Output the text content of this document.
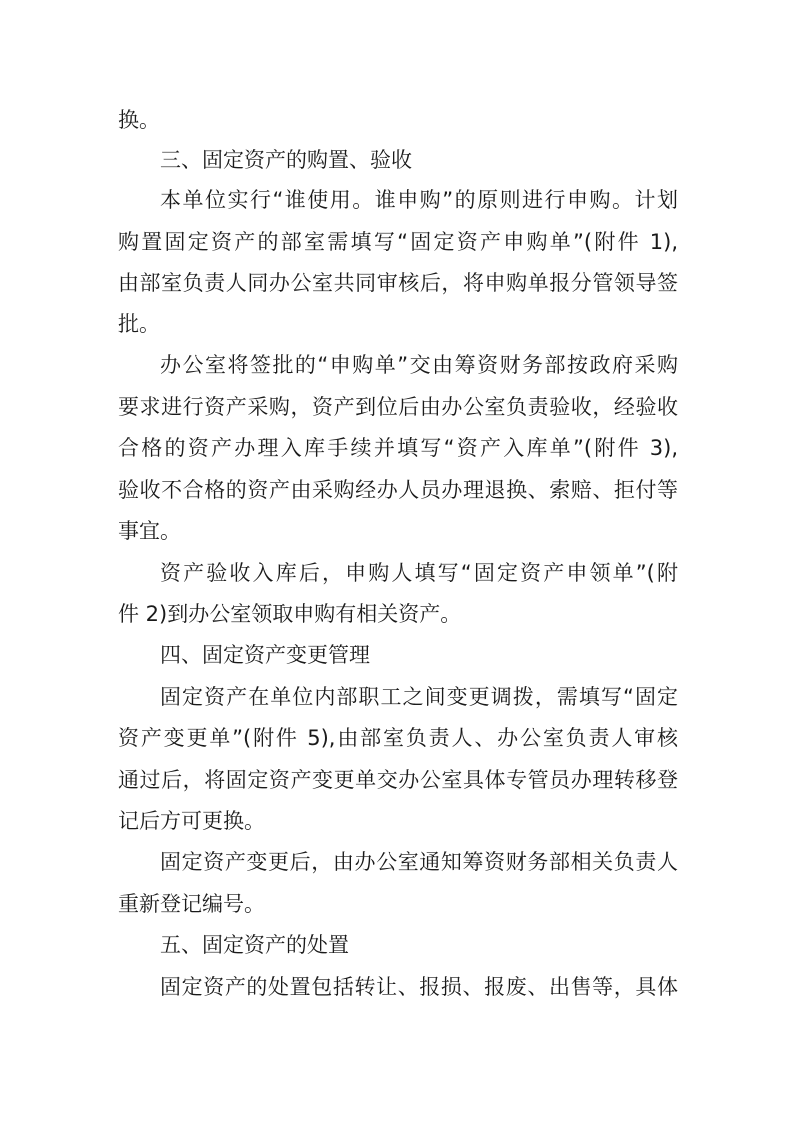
换。
三、固定资产的购置、验收
本单位实行“谁使用。谁申购”的原则进行申购。计划
购置固定资产的部室需填写“固定资产申购单”(附件 1),
由部室负责人同办公室共同审核后，将申购单报分管领导签
批。
办公室将签批的“申购单”交由筹资财务部按政府采购
要求进行资产采购，资产到位后由办公室负责验收，经验收
合格的资产办理入库手续并填写“资产入库单”(附件 3),
验收不合格的资产由采购经办人员办理退换、索赔、拒付等
事宜。
资产验收入库后，申购人填写“固定资产申领单”(附
件 2)到办公室领取申购有相关资产。
四、固定资产变更管理
固定资产在单位内部职工之间变更调拨，需填写“固定
资产变更单”(附件 5),由部室负责人、办公室负责人审核
通过后，将固定资产变更单交办公室具体专管员办理转移登
记后方可更换。
固定资产变更后，由办公室通知筹资财务部相关负责人
重新登记编号。
五、固定资产的处置
固定资产的处置包括转让、报损、报废、出售等，具体
